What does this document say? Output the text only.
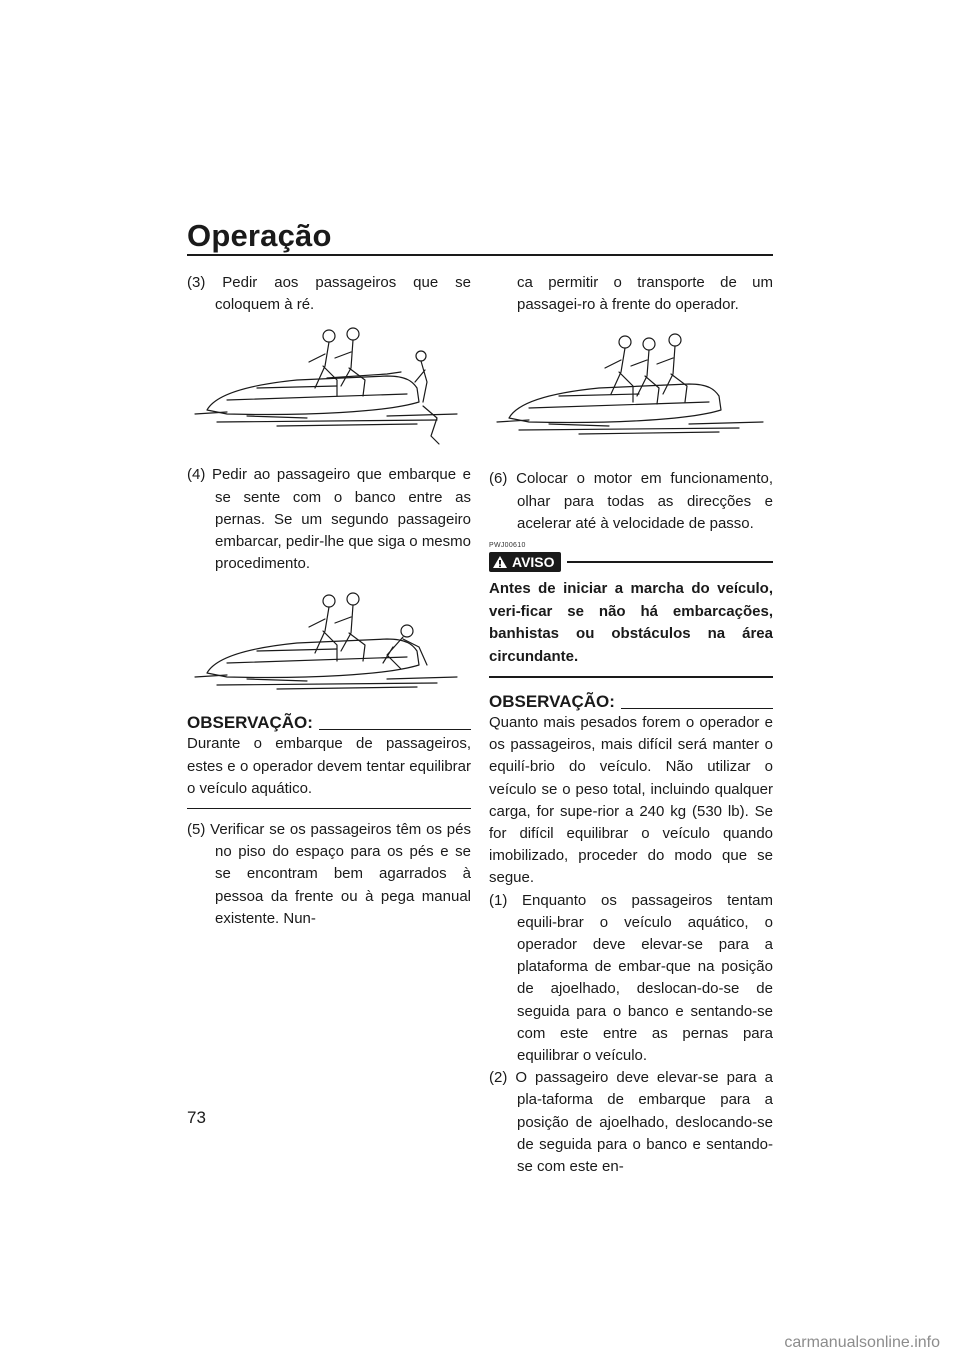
Operação
(3) Pedir aos passageiros que se coloquem à ré.
(4) Pedir ao passageiro que embarque e se sente com o banco entre as pernas. Se um segundo passageiro embarcar, pedir-lhe que siga o mesmo procedimento.
OBSERVAÇÃO:
Durante o embarque de passageiros, estes e o operador devem tentar equilibrar o veículo aquático.
(5) Verificar se os passageiros têm os pés no piso do espaço para os pés e se se encontram bem agarrados à pessoa da frente ou à pega manual existente. Nun-
ca permitir o transporte de um passagei-ro à frente do operador.
(6) Colocar o motor em funcionamento, olhar para todas as direcções e acelerar até à velocidade de passo.
PWJ00610
AVISO
Antes de iniciar a marcha do veículo, veri-ficar se não há embarcações, banhistas ou obstáculos na área circundante.
OBSERVAÇÃO:
Quanto mais pesados forem o operador e os passageiros, mais difícil será manter o equilí-brio do veículo. Não utilizar o veículo se o peso total, incluindo qualquer carga, for supe-rior a 240 kg (530 lb). Se for difícil equilibrar o veículo quando imobilizado, proceder do modo que se segue.
(1) Enquanto os passageiros tentam equili-brar o veículo aquático, o operador deve elevar-se para a plataforma de embar-que na posição de ajoelhado, deslocan-do-se de seguida para o banco e sentando-se com este entre as pernas para equilibrar o veículo.
(2) O passageiro deve elevar-se para a pla-taforma de embarque para a posição de ajoelhado, deslocando-se de seguida para o banco e sentando-se com este en-
73
carmanualsonline.info
